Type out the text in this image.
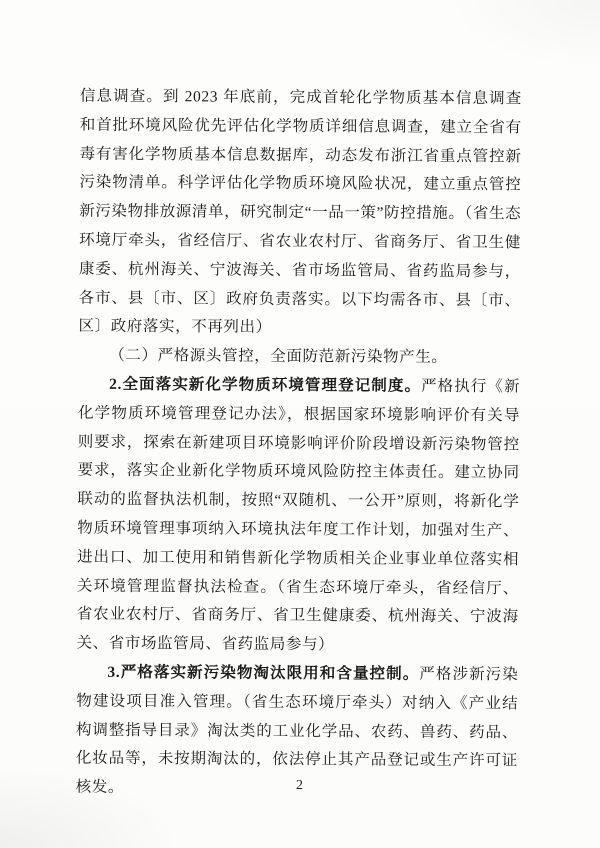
信息调查。到 2023 年底前，完成首轮化学物质基本信息调查和首批环境风险优先评估化学物质详细信息调查，建立全省有毒有害化学物质基本信息数据库，动态发布浙江省重点管控新污染物清单。科学评估化学物质环境风险状况，建立重点管控新污染物排放源清单，研究制定“一品一策”防控措施。（省生态环境厅牵头，省经信厅、省农业农村厅、省商务厅、省卫生健康委、杭州海关、宁波海关、省市场监管局、省药监局参与，各市、县〔市、区〕政府负责落实。以下均需各市、县〔市、区〕政府落实，不再列出）

（二）严格源头管控，全面防范新污染物产生。

2.全面落实新化学物质环境管理登记制度。严格执行《新化学物质环境管理登记办法》，根据国家环境影响评价有关导则要求，探索在新建项目环境影响评价阶段增设新污染物管控要求，落实企业新化学物质环境风险防控主体责任。建立协同联动的监督执法机制，按照“双随机、一公开”原则，将新化学物质环境管理事项纳入环境执法年度工作计划，加强对生产、进出口、加工使用和销售新化学物质相关企业事业单位落实相关环境管理监督执法检查。（省生态环境厅牵头，省经信厅、省农业农村厅、省商务厅、省卫生健康委、杭州海关、宁波海关、省市场监管局、省药监局参与）

3.严格落实新污染物淘汰限用和含量控制。严格涉新污染物建设项目准入管理。（省生态环境厅牵头）对纳入《产业结构调整指导目录》淘汰类的工业化学品、农药、兽药、药品、化妆品等，未按期淘汰的，依法停止其产品登记或生产许可证核发。	2
